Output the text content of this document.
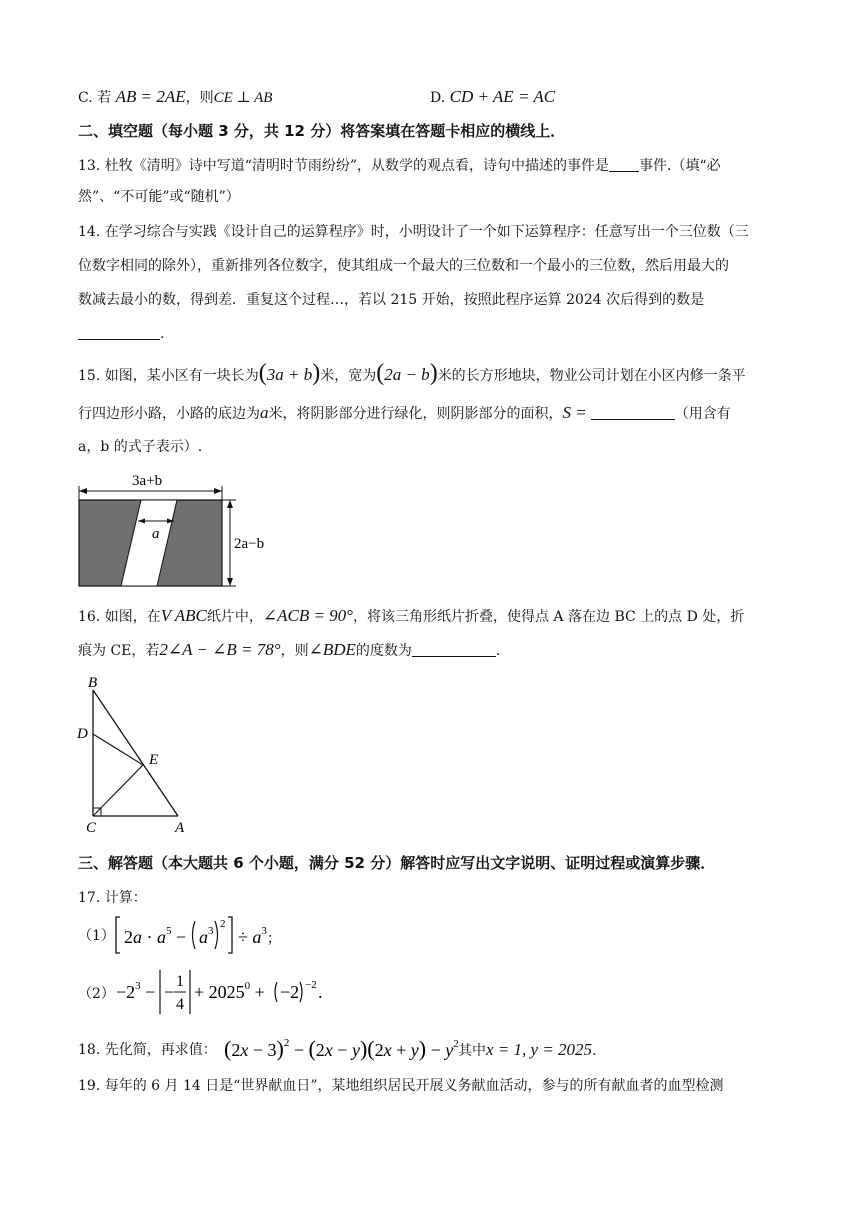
C. 若 AB = 2AE，则CE ⊥ AB	D. CD + AE = AC
二、填空题（每小题 3 分，共 12 分）将答案填在答题卡相应的横线上．
13. 杜牧《清明》诗中写道“清明时节雨纷纷”，从数学的观点看，诗句中描述的事件是 事件.（填“必
然”、“不可能”或“随机”）
14. 在学习综合与实践《设计自己的运算程序》时，小明设计了一个如下运算程序：任意写出一个三位数（三
位数字相同的除外），重新排列各位数字，使其组成一个最大的三位数和一个最小的三位数，然后用最大的
数减去最小的数，得到差．重复这个过程…，若以 215 开始，按照此程序运算 2024 次后得到的数是
.
15. 如图，某小区有一块长为(3a + b)米，宽为(2a − b)米的长方形地块，物业公司计划在小区内修一条平
行四边形小路，小路的底边为a米，将阴影部分进行绿化，则阴影部分的面积，S =	（用含有
a，b 的式子表示）.
3a+b
a
2a−b
16. 如图，在V ABC纸片中，∠ACB = 90°，将该三角形纸片折叠，使得点 A 落在边 BC 上的点 D 处，折
痕为 CE，若2∠A − ∠B = 78°，则∠BDE的度数为	.
B
D
E
C	A
三、解答题（本大题共 6 个小题，满分 52 分）解答时应写出文字说明、证明过程或演算步骤．
17. 计算：
（1） $2a \cdot a^5 - a$ 3
2
÷ $a^3_;$
$(2) -2^3$ − −
1
4
+ $2025^0 + -2 -2$ .
18. 先化简，再求值： $(2x - 3)^2 - (2x - y)(2x + y) - y^2$ 其中x = 1, y = 2025.
19. 每年的 6 月 14 日是“世界献血日”，某地组织居民开展义务献血活动，参与的所有献血者的血型检测
